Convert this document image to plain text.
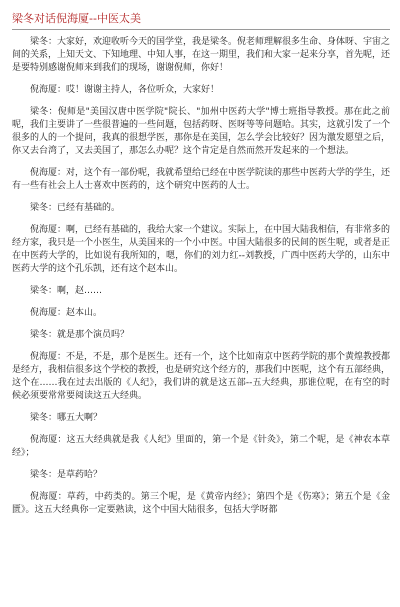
梁冬对话倪海厦--中医太美

梁冬：大家好，欢迎收听今天的国学堂，我是梁冬。倪老师理解很多生命、身体呀、宇宙之间的关系，上知天文、下知地理、中知人事，在这一期里，我们和大家一起来分享，首先呢，还是要特别感谢倪师来到我们的现场，谢谢倪师，你好！

倪海厦：哎！谢谢主持人，各位听众，大家好！

梁冬：倪师是"美国汉唐中医学院"院长、"加州中医药大学"博士班指导教授。那在此之前呢，我们主要讲了一些很普遍的一些问题，包括药呀、医呀等等问题哈。其实，这就引发了一个很多的人的一个提问，我真的很想学医，那你是在美国，怎么学会比较好？因为激发愿望之后，你又去台湾了，又去美国了，那怎么办呢？这个肯定是自然而然开发起来的一个想法。

倪海厦：对，这个有一部份呢，我就希望给已经在中医学院读的那些中医药大学的学生，还有一些有社会上人士喜欢中医药的，这个研究中医药的人士。

梁冬：已经有基础的。

倪海厦：啊，已经有基础的，我给大家一个建议。实际上，在中国大陆我相信，有非常多的经方家，我只是一个小医生，从美国来的一个小中医。中国大陆很多的民间的医生呢，或者是正在中医药大学的，比如说有我所知的，嗯，你们的刘力红--刘教授，广西中医药大学的，山东中医药大学的这个孔乐凯，还有这个赵本山。

梁冬：啊，赵……

倪海厦：赵本山。

梁冬：就是那个演员吗？

倪海厦：不是，不是，那个是医生。还有一个，这个比如南京中医药学院的那个黄煌教授都是经方，我相信很多这个学校的教授，也是研究这个经方的，那我们中医呢，这个有五部经典，这个在……我在过去出版的《人纪》，我们讲的就是这五部--五大经典，那谁位呢，在有空的时候必须要常常要阅读这五大经典。

梁冬：哪五大啊？

倪海厦：这五大经典就是我《人纪》里面的，第一个是《针灸》，第二个呢，是《神农本草经》；

梁冬：是草药哈？

倪海厦：草药，中药类的。第三个呢，是《黄帝内经》；第四个是《伤寒》；第五个是《金匮》。这五大经典你一定要熟读，这个中国大陆很多，包括大学呀都
